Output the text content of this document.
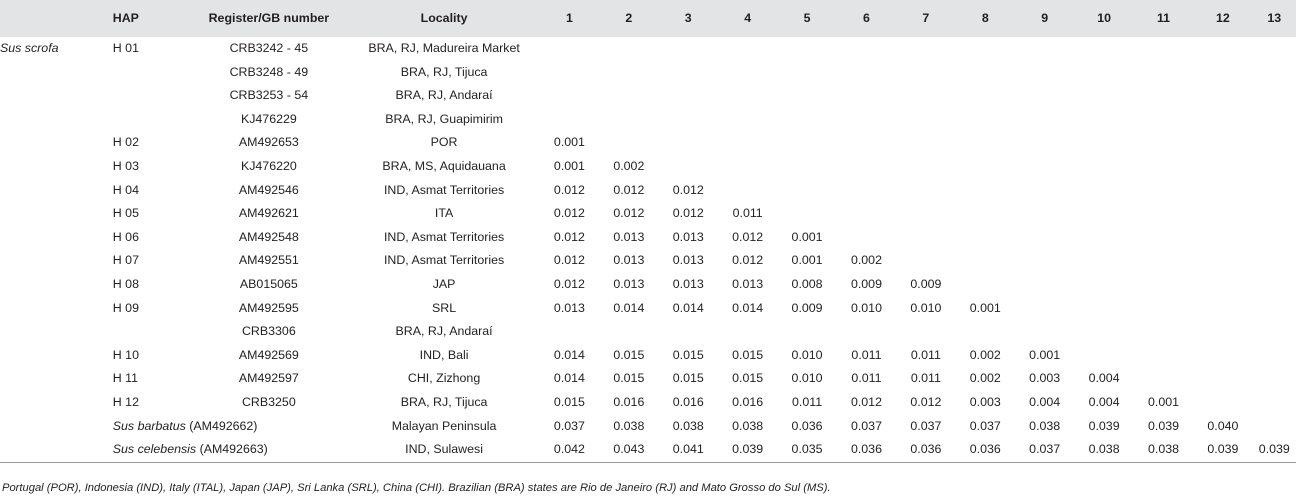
	HAP	Register/GB number	Locality	1	2	3	4	5	6	7	8	9	10	11	12	13
Sus scrofa	H 01	CRB3242 - 45	BRA, RJ, Madureira Market													
		CRB3248 - 49	BRA, RJ, Tijuca													
		CRB3253 - 54	BRA, RJ, Andaraí													
		KJ476229	BRA, RJ, Guapimirim													
	H 02	AM492653	POR	0.001												
	H 03	KJ476220	BRA, MS, Aquidauana	0.001	0.002											
	H 04	AM492546	IND, Asmat Territories	0.012	0.012	0.012										
	H 05	AM492621	ITA	0.012	0.012	0.012	0.011									
	H 06	AM492548	IND, Asmat Territories	0.012	0.013	0.013	0.012	0.001								
	H 07	AM492551	IND, Asmat Territories	0.012	0.013	0.013	0.012	0.001	0.002							
	H 08	AB015065	JAP	0.012	0.013	0.013	0.013	0.008	0.009	0.009						
	H 09	AM492595	SRL	0.013	0.014	0.014	0.014	0.009	0.010	0.010	0.001					
		CRB3306	BRA, RJ, Andaraí													
	H 10	AM492569	IND, Bali	0.014	0.015	0.015	0.015	0.010	0.011	0.011	0.002	0.001				
	H 11	AM492597	CHI, Zizhong	0.014	0.015	0.015	0.015	0.010	0.011	0.011	0.002	0.003	0.004			
	H 12	CRB3250	BRA, RJ, Tijuca	0.015	0.016	0.016	0.016	0.011	0.012	0.012	0.003	0.004	0.004	0.001		
	Sus barbatus (AM492662)		Malayan Peninsula	0.037	0.038	0.038	0.038	0.036	0.037	0.037	0.037	0.038	0.039	0.039	0.040	
	Sus celebensis (AM492663)		IND, Sulawesi	0.042	0.043	0.041	0.039	0.035	0.036	0.036	0.036	0.037	0.038	0.038	0.039	0.039
Portugal (POR), Indonesia (IND), Italy (ITAL), Japan (JAP), Sri Lanka (SRL), China (CHI). Brazilian (BRA) states are Rio de Janeiro (RJ) and Mato Grosso do Sul (MS).
